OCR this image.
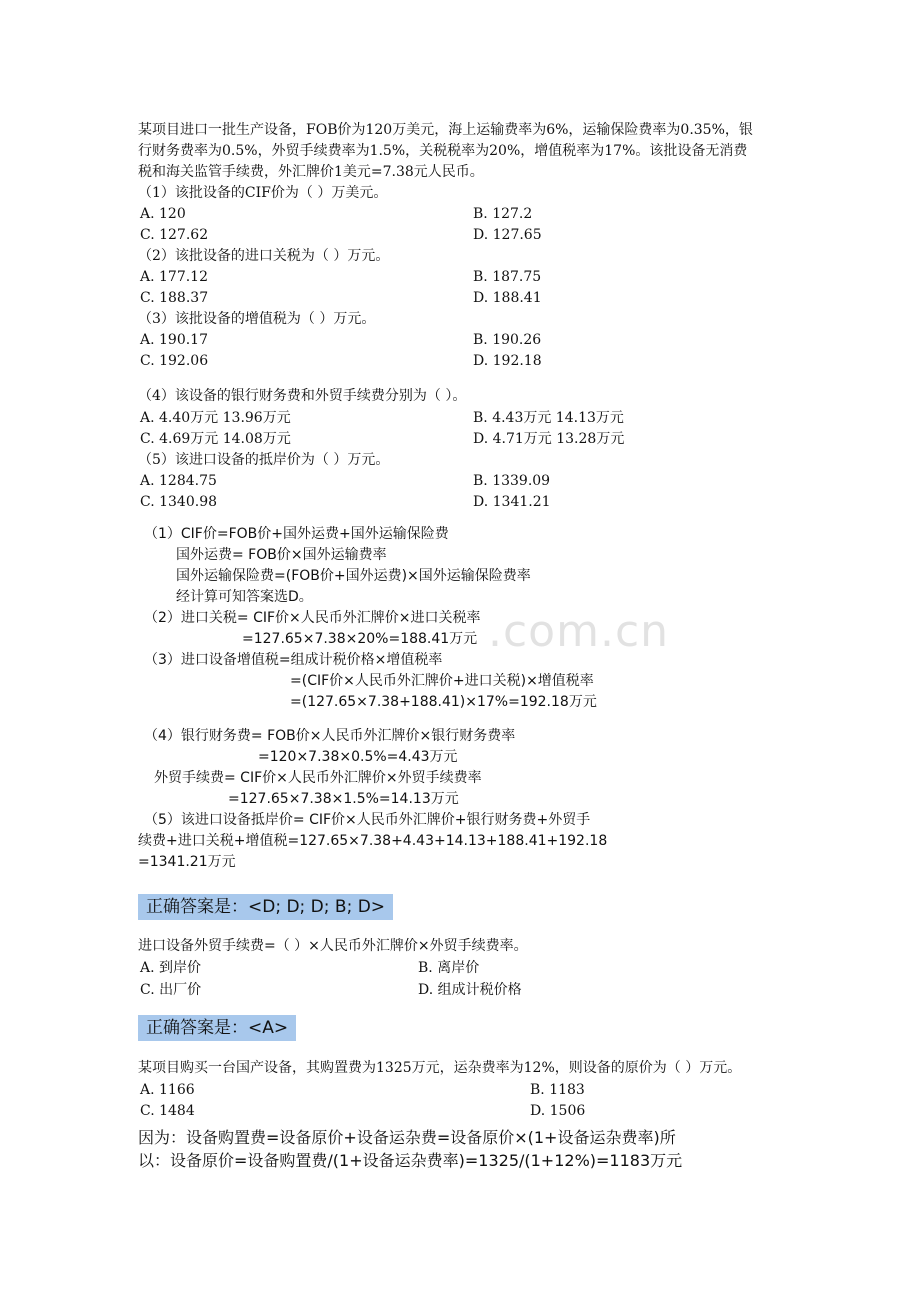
.com.cn
某项目进口一批生产设备，FOB价为120万美元，海上运输费率为6%，运输保险费率为0.35%，银
行财务费率为0.5%，外贸手续费率为1.5%，关税税率为20%，增值税率为17%。该批设备无消费
税和海关监管手续费，外汇牌价1美元=7.38元人民币。
（1）该批设备的CIF价为（ ）万美元。
A. 120	B. 127.2
C. 127.62	D. 127.65
（2）该批设备的进口关税为（ ）万元。
A. 177.12	B. 187.75
C. 188.37	D. 188.41
（3）该批设备的增值税为（ ）万元。
A. 190.17	B. 190.26
C. 192.06	D. 192.18
（4）该设备的银行财务费和外贸手续费分别为（ ）。
A. 4.40万元 13.96万元	B. 4.43万元 14.13万元
C. 4.69万元 14.08万元	D. 4.71万元 13.28万元
（5）该进口设备的抵岸价为（ ）万元。
A. 1284.75	B. 1339.09
C. 1340.98	D. 1341.21
（1）CIF价=FOB价+国外运费+国外运输保险费
国外运费= FOB价×国外运输费率
国外运输保险费=(FOB价+国外运费)×国外运输保险费率
经计算可知答案选D。
（2）进口关税= CIF价×人民币外汇牌价×进口关税率
=127.65×7.38×20%=188.41万元
（3）进口设备增值税=组成计税价格×增值税率
=(CIF价×人民币外汇牌价+进口关税)×增值税率
=(127.65×7.38+188.41)×17%=192.18万元
（4）银行财务费= FOB价×人民币外汇牌价×银行财务费率
=120×7.38×0.5%=4.43万元
外贸手续费= CIF价×人民币外汇牌价×外贸手续费率
=127.65×7.38×1.5%=14.13万元
（5）该进口设备抵岸价= CIF价×人民币外汇牌价+银行财务费+外贸手
续费+进口关税+增值税=127.65×7.38+4.43+14.13+188.41+192.18
=1341.21万元
正确答案是：<D; D; D; B; D>
进口设备外贸手续费=（ ）×人民币外汇牌价×外贸手续费率。
A. 到岸价	B. 离岸价
C. 出厂价	D. 组成计税价格
正确答案是：<A>
某项目购买一台国产设备，其购置费为1325万元，运杂费率为12%，则设备的原价为（ ）万元。
A. 1166	B. 1183
C. 1484	D. 1506
因为：设备购置费=设备原价+设备运杂费=设备原价×(1+设备运杂费率)所
以：设备原价=设备购置费/(1+设备运杂费率)=1325/(1+12%)=1183万元
